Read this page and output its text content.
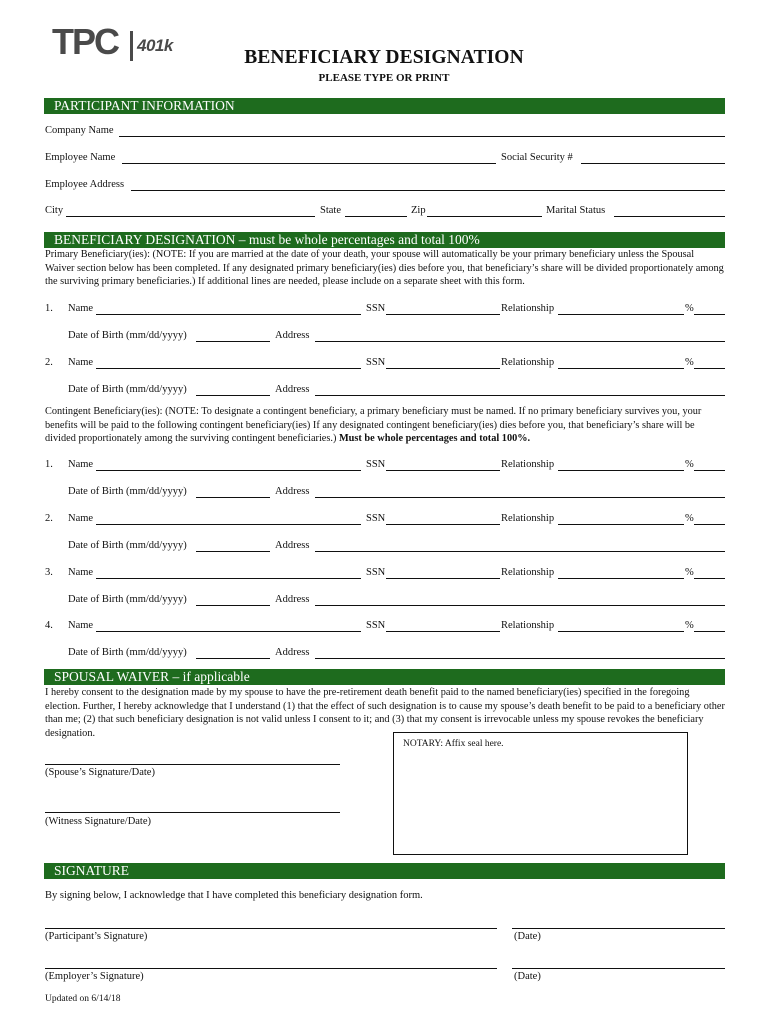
TPC 401k
BENEFICIARY DESIGNATION
PLEASE TYPE OR PRINT
PARTICIPANT INFORMATION
Company Name
Employee Name	Social Security #
Employee Address
City	State	Zip	Marital Status
BENEFICIARY DESIGNATION – must be whole percentages and total 100%
Primary Beneficiary(ies): (NOTE: If you are married at the date of your death, your spouse will automatically be your primary beneficiary unless the Spousal Waiver section below has been completed. If any designated primary beneficiary(ies) dies before you, that beneficiary’s share will be divided proportionately among the surviving primary beneficiaries.) If additional lines are needed, please include on a separate sheet with this form.
1. Name	SSN	Relationship	%
Date of Birth (mm/dd/yyyy)	Address
2. Name	SSN	Relationship	%
Date of Birth (mm/dd/yyyy)	Address
Contingent Beneficiary(ies): (NOTE: To designate a contingent beneficiary, a primary beneficiary must be named. If no primary beneficiary survives you, your benefits will be paid to the following contingent beneficiary(ies) If any designated contingent beneficiary(ies) dies before you, that beneficiary’s share will be divided proportionately among the surviving contingent beneficiaries.) Must be whole percentages and total 100%.
1. Name	SSN	Relationship	%
Date of Birth (mm/dd/yyyy)	Address
2. Name	SSN	Relationship	%
Date of Birth (mm/dd/yyyy)	Address
3. Name	SSN	Relationship	%
Date of Birth (mm/dd/yyyy)	Address
4. Name	SSN	Relationship	%
Date of Birth (mm/dd/yyyy)	Address
SPOUSAL WAIVER – if applicable
I hereby consent to the designation made by my spouse to have the pre-retirement death benefit paid to the named beneficiary(ies) specified in the foregoing election. Further, I hereby acknowledge that I understand (1) that the effect of such designation is to cause my spouse’s death benefit to be paid to a beneficiary other than me; (2) that such beneficiary designation is not valid unless I consent to it; and (3) that my consent is irrevocable unless my spouse revokes the beneficiary designation.
NOTARY: Affix seal here.
(Spouse’s Signature/Date)
(Witness Signature/Date)
SIGNATURE
By signing below, I acknowledge that I have completed this beneficiary designation form.
(Participant’s Signature)	(Date)
(Employer’s Signature)	(Date)
Updated on 6/14/18
